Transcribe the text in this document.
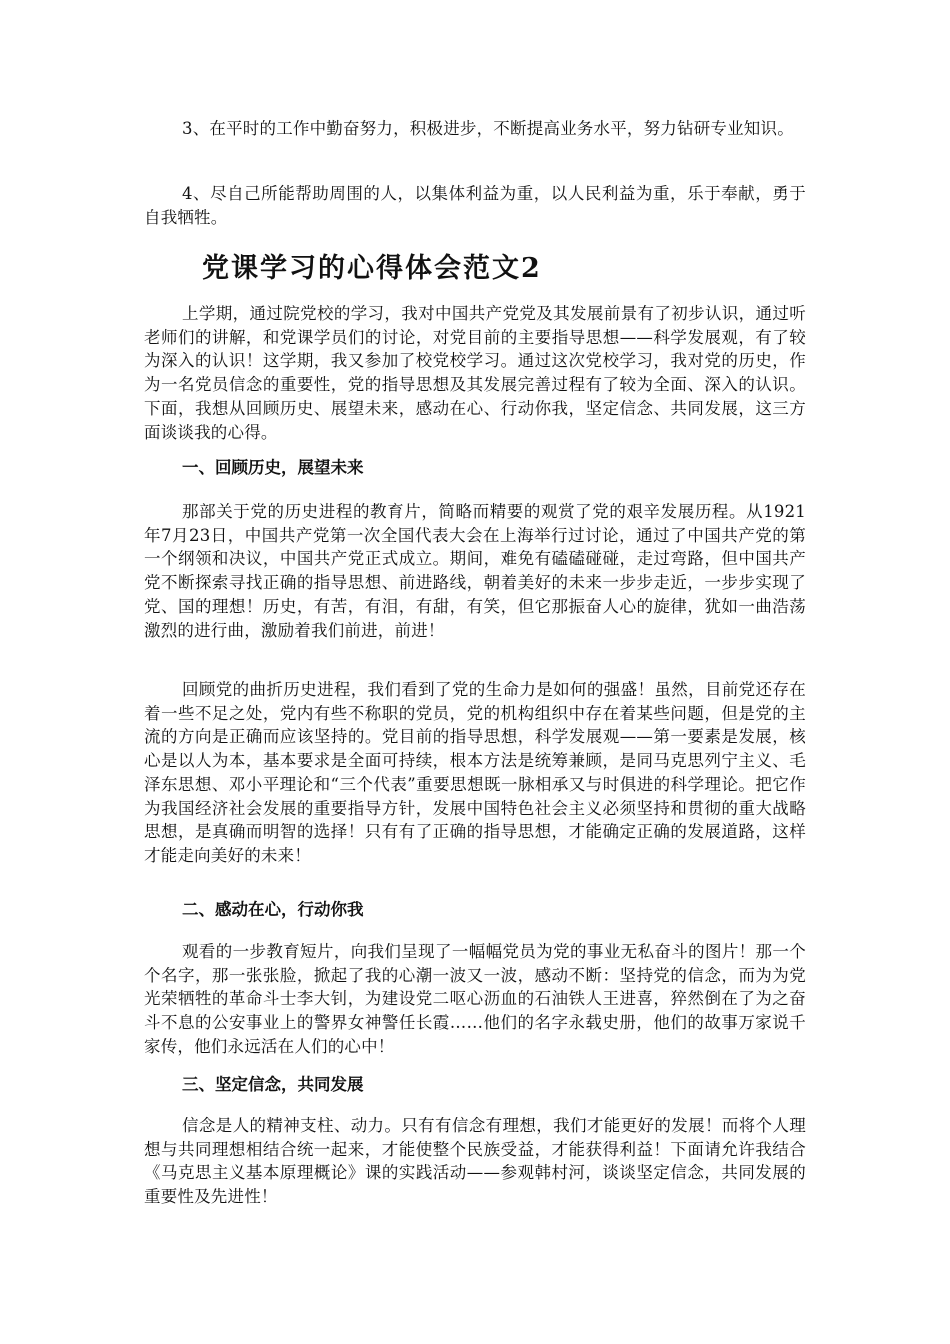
3、在平时的工作中勤奋努力，积极进步，不断提高业务水平，努力钻研专业知识。

4、尽自己所能帮助周围的人，以集体利益为重，以人民利益为重，乐于奉献，勇于自我牺牲。

党课学习的心得体会范文2

上学期，通过院党校的学习，我对中国共产党党及其发展前景有了初步认识，通过听老师们的讲解，和党课学员们的讨论，对党目前的主要指导思想——科学发展观，有了较为深入的认识！这学期，我又参加了校党校学习。通过这次党校学习，我对党的历史，作为一名党员信念的重要性，党的指导思想及其发展完善过程有了较为全面、深入的认识。下面，我想从回顾历史、展望未来，感动在心、行动你我，坚定信念、共同发展，这三方面谈谈我的心得。

一、回顾历史，展望未来

那部关于党的历史进程的教育片，简略而精要的观赏了党的艰辛发展历程。从1921年7月23日，中国共产党第一次全国代表大会在上海举行过讨论，通过了中国共产党的第一个纲领和决议，中国共产党正式成立。期间，难免有磕磕碰碰，走过弯路，但中国共产党不断探索寻找正确的指导思想、前进路线，朝着美好的未来一步步走近，一步步实现了党、国的理想！历史，有苦，有泪，有甜，有笑，但它那振奋人心的旋律，犹如一曲浩荡激烈的进行曲，激励着我们前进，前进！

回顾党的曲折历史进程，我们看到了党的生命力是如何的强盛！虽然，目前党还存在着一些不足之处，党内有些不称职的党员，党的机构组织中存在着某些问题，但是党的主流的方向是正确而应该坚持的。党目前的指导思想，科学发展观——第一要素是发展，核心是以人为本，基本要求是全面可持续，根本方法是统筹兼顾，是同马克思列宁主义、毛泽东思想、邓小平理论和“三个代表”重要思想既一脉相承又与时俱进的科学理论。把它作为我国经济社会发展的重要指导方针，发展中国特色社会主义必须坚持和贯彻的重大战略思想，是真确而明智的选择！只有有了正确的指导思想，才能确定正确的发展道路，这样才能走向美好的未来！

二、感动在心，行动你我

观看的一步教育短片，向我们呈现了一幅幅党员为党的事业无私奋斗的图片！那一个个名字，那一张张脸，掀起了我的心潮一波又一波，感动不断：坚持党的信念，而为为党光荣牺牲的革命斗士李大钊，为建设党二呕心沥血的石油铁人王进喜，猝然倒在了为之奋斗不息的公安事业上的警界女神警任长霞……他们的名字永载史册，他们的故事万家说千家传，他们永远活在人们的心中！

三、坚定信念，共同发展

信念是人的精神支柱、动力。只有有信念有理想，我们才能更好的发展！而将个人理想与共同理想相结合统一起来，才能使整个民族受益，才能获得利益！下面请允许我结合《马克思主义基本原理概论》课的实践活动——参观韩村河，谈谈坚定信念，共同发展的重要性及先进性！
